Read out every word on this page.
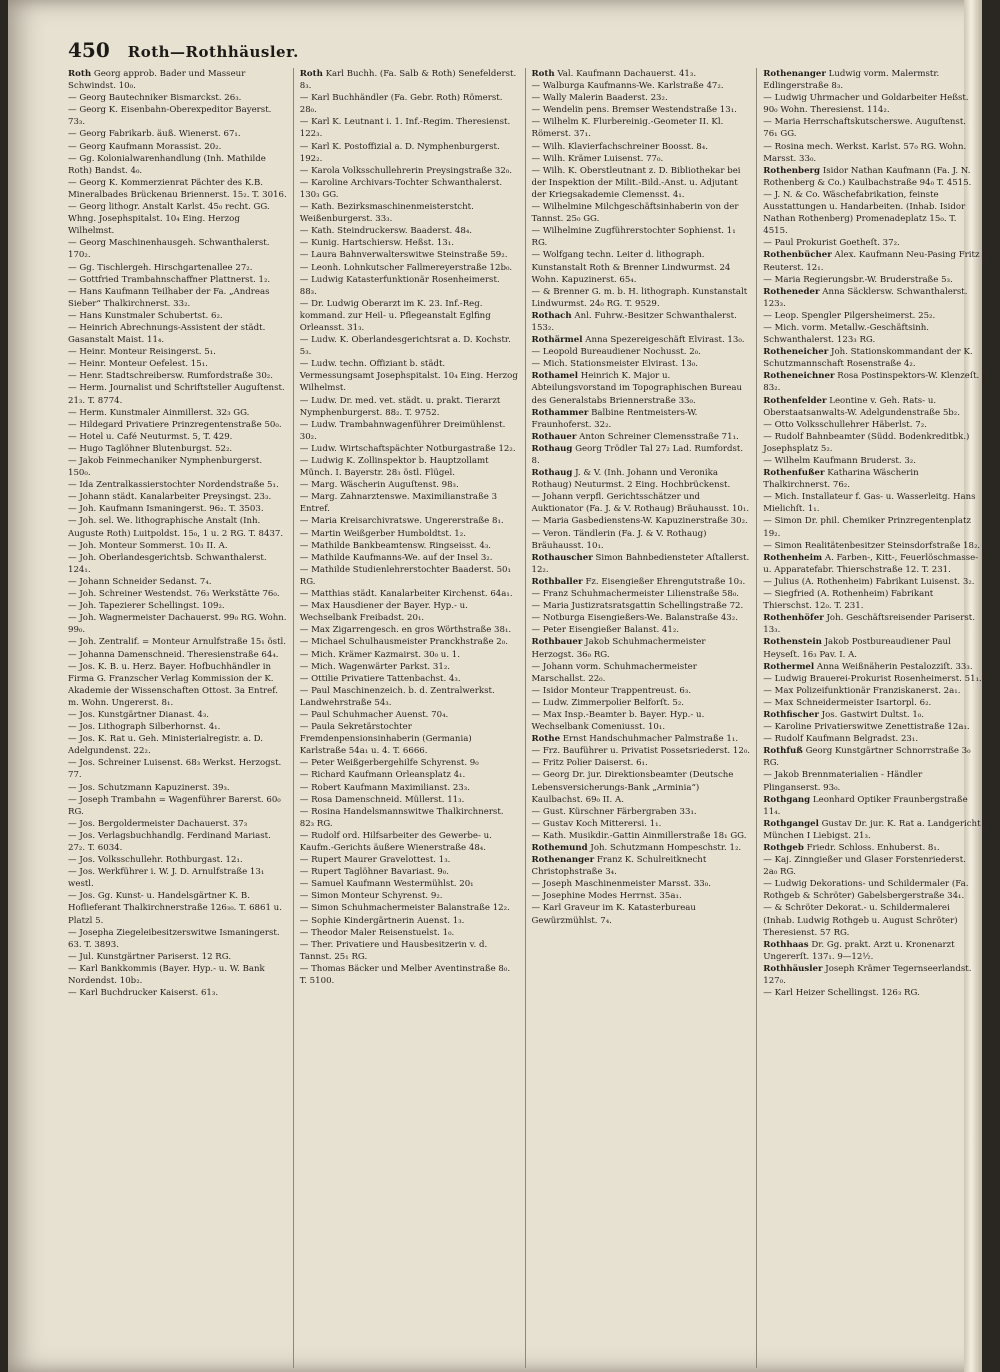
450 Roth—Rothhäusler.

Roth Georg approb. Bader und Masseur Schwindst. 10₀.

— Georg Bautechniker Bismarckst. 26₃.

— Georg K. Eisenbahn-Oberexpeditor Bayerst. 73₃.

— Georg Fabrikarb. äuß. Wienerst. 67₁.

— Georg Kaufmann Morassist. 20₂.

— Gg. Kolonialwarenhandlung (Inh. Mathilde Roth) Bandst. 4₀.

— Georg K. Kommerzienrat Pächter des K.B. Mineralbades Brückenau Briennerst. 15₂. T. 3016.

— Georg lithogr. Anstalt Karlst. 45₀ recht. GG. Whng. Josephspitalst. 10₄ Eing. Herzog Wilhelmst.

— Georg Maschinenhausgeh. Schwanthalerst. 170₂.

— Gg. Tischlergeh. Hirschgartenallee 27₂.

— Gottfried Trambahnschaffner Plattnerst. 1₂.

— Hans Kaufmann Teilhaber der Fa. „Andreas Sieber“ Thalkirchnerst. 33₂.

— Hans Kunstmaler Schubertst. 6₂.

— Heinrich Abrechnungs-Assistent der städt. Gasanstalt Maist. 11₄.

— Heinr. Monteur Reisingerst. 5₁.

— Heinr. Monteur Oefelest. 15₁.

— Henr. Stadtschreibersw. Rumfordstraße 30₂.

— Herm. Journalist und Schriftsteller Auguſtenst. 21₃. T. 8774.

— Herm. Kunstmaler Ainmillerst. 32₃ GG.

— Hildegard Privatiere Prinzregentenstraße 50₀.

— Hotel u. Café Neuturmst. 5, T. 429.

— Hugo Taglöhner Blutenburgst. 52₂.

— Jakob Feinmechaniker Nymphenburgerst. 150₀.

— Ida Zentralkassierstochter Nordendstraße 5₁.

— Johann städt. Kanalarbeiter Preysingst. 23₃.

— Joh. Kaufmann Ismaningerst. 96₂. T. 3503.

— Joh. sel. We. lithographische Anstalt (Inh. Auguste Roth) Luitpoldst. 15₀, 1 u. 2 RG. T. 8437.

— Joh. Monteur Sommerst. 10₃ II. A.

— Joh. Oberlandesgerichtsb. Schwanthalerst. 124₁.

— Johann Schneider Sedanst. 7₄.

— Joh. Schreiner Westendst. 76₃ Werkstätte 76₀.

— Joh. Tapezierer Schellingst. 109₂.

— Joh. Wagnermeister Dachauerst. 99₀ RG. Wohn. 99₀.

— Joh. Zentralif. = Monteur Arnulfstraße 15₁ östl.

— Johanna Damenschneid. Theresienstraße 64₄.

— Jos. K. B. u. Herz. Bayer. Hofbuchhändler in Firma G. Franzscher Verlag Kommission der K. Akademie der Wissenschaften Ottost. 3a Entref. m. Wohn. Ungererst. 8₁.

— Jos. Kunstgärtner Dianast. 4₃.

— Jos. Lithograph Silberhornst. 4₁.

— Jos. K. Rat u. Geh. Ministerialregistr. a. D. Adelgundenst. 22₂.

— Jos. Schreiner Luisenst. 68₃ Werkst. Herzogst. 77.

— Jos. Schutzmann Kapuzinerst. 39₃.

— Joseph Trambahn = Wagenführer Barerst. 60₀ RG.

— Jos. Bergoldermeister Dachauerst. 37₃

— Jos. Verlagsbuchhandlg. Ferdinand Mariast. 27₂. T. 6034.

— Jos. Volksschullehr. Rothburgast. 12₁.

— Jos. Werkführer i. W. J. D. Arnulfstraße 13₁ westl.

— Jos. Gg. Kunst- u. Handelsgärtner K. B. Hoflieferant Thalkirchnerstraße 126₃₀. T. 6861 u. Platzl 5.

— Josepha Ziegeleibesitzerswitwe Ismaningerst. 63. T. 3893.

— Jul. Kunstgärtner Pariserst. 12 RG.

— Karl Bankkommis (Bayer. Hyp.- u. W. Bank Nordendst. 10b₂.

— Karl Buchdrucker Kaiserst. 61₃.

Roth Karl Buchh. (Fa. Salb & Roth) Senefelderst. 8₃.

— Karl Buchhändler (Fa. Gebr. Roth) Römerst. 28₀.

— Karl K. Leutnant i. 1. Inf.-Regim. Theresienst. 122₃.

— Karl K. Postoffizial a. D. Nymphenburgerst. 192₂.

— Karola Volksschullehrerin Preysingstraße 32₀.

— Karoline Archivars-Tochter Schwanthalerst. 130₃ GG.

— Kath. Bezirksmaschinenmeisterstcht. Weißenburgerst. 33₃.

— Kath. Steindruckersw. Baaderst. 48₄.

— Kunig. Hartschiersw. Heßst. 13₁.

— Laura Bahnverwalterswitwe Steinstraße 59₂.

— Leonh. Lohnkutscher Fallmereyerstraße 12b₀.

— Ludwig Katasterfunktionär Rosenheimerst. 88₃.

— Dr. Ludwig Oberarzt im K. 23. Inf.-Reg. kommand. zur Heil- u. Pflegeanstalt Eglfing Orleansst. 31₃.

— Ludw. K. Oberlandesgerichtsrat a. D. Kochstr. 5₃.

— Ludw. techn. Offiziant b. städt. Vermessungsamt Josephspitalst. 10₄ Eing. Herzog Wilhelmst.

— Ludw. Dr. med. vet. städt. u. prakt. Tierarzt Nymphenburgerst. 88₂. T. 9752.

— Ludw. Trambahnwagenführer Dreimühlenst. 30₂.

— Ludw. Wirtschaftspächter Notburgastraße 12₂.

— Ludwig K. Zollinspektor b. Hauptzollamt Münch. I. Bayerstr. 28₃ östl. Flügel.

— Marg. Wäscherin Auguſtenst. 98₃.

— Marg. Zahnarztenswe. Maximilianstraße 3 Entref.

— Maria Kreisarchivratswe. Ungererstraße 8₁.

— Martin Weißgerber Humboldtst. 1₂.

— Mathilde Bankbeamtensw. Ringseisst. 4₃.

— Mathilde Kaufmanns-We. auf der Insel 3₂.

— Mathilde Studienlehrerstochter Baaderst. 50₁ RG.

— Matthias städt. Kanalarbeiter Kirchenst. 64a₁.

— Max Hausdiener der Bayer. Hyp.- u. Wechselbank Freibadst. 20₁.

— Max Zigarrengesch. en gros Wörthstraße 38₁.

— Michael Schulhausmeister Pranckhstraße 2₀.

— Mich. Krämer Kazmairst. 30₀ u. 1.

— Mich. Wagenwärter Parkst. 31₂.

— Ottilie Privatiere Tattenbachst. 4₃.

— Paul Maschinenzeich. b. d. Zentralwerkst. Landwehrstraße 54₃.

— Paul Schuhmacher Auenst. 70₄.

— Paula Sekretärstochter Fremdenpensionsinhaberin (Germania) Karlstraße 54a₁ u. 4. T. 6666.

— Peter Weißgerbergehilfe Schyrenst. 9₀

— Richard Kaufmann Orleansplatz 4₁.

— Robert Kaufmann Maximilianst. 23₃.

— Rosa Damenschneid. Müllerst. 11₃.

— Rosina Handelsmannswitwe Thalkirchnerst. 82₃ RG.

— Rudolf ord. Hilfsarbeiter des Gewerbe- u. Kaufm.-Gerichts äußere Wienerstraße 48₄.

— Rupert Maurer Gravelottest. 1₃.

— Rupert Taglöhner Bavariast. 9₀.

— Samuel Kaufmann Westermühlst. 20₁

— Simon Monteur Schyrenst. 9₂.

— Simon Schuhmachermeister Balanstraße 12₂.

— Sophie Kindergärtnerin Auenst. 1₃.

— Theodor Maler Reisenstuelst. 1₀.

— Ther. Privatiere und Hausbesitzerin v. d. Tannst. 25₁ RG.

— Thomas Bäcker und Melber Aventinstraße 8₀. T. 5100.

Roth Val. Kaufmann Dachauerst. 41₃.

— Walburga Kaufmanns-We. Karlstraße 47₂.

— Wally Malerin Baaderst. 23₂.

— Wendelin pens. Bremser Westendstraße 13₁.

— Wilhelm K. Flurbereinig.-Geometer II. Kl. Römerst. 37₁.

— Wilh. Klavierfachschreiner Boosst. 8₄.

— Wilh. Krämer Luisenst. 77₀.

— Wilh. K. Oberstleutnant z. D. Bibliothekar bei der Inspektion der Milit.-Bild.-Anst. u. Adjutant der Kriegsakademie Clemensst. 4₁.

— Wilhelmine Milchgeschäftsinhaberin von der Tannst. 25₀ GG.

— Wilhelmine Zugführerstochter Sophienst. 1₁ RG.

— Wolfgang techn. Leiter d. lithograph. Kunstanstalt Roth & Brenner Lindwurmst. 24 Wohn. Kapuzinerst. 65₄.

— & Brenner G. m. b. H. lithograph. Kunstanstalt Lindwurmst. 24₀ RG. T. 9529.

Rothach Anl. Fuhrw.-Besitzer Schwanthalerst. 153₂.

Rothärmel Anna Spezereigeschäft Elvirast. 13₀.

— Leopold Bureaudiener Nochusst. 2₀.

— Mich. Stationsmeister Elvirast. 13₀.

Rothamel Heinrich K. Major u. Abteilungsvorstand im Topographischen Bureau des Generalstabs Briennerstraße 33₀.

Rothammer Balbine Rentmeisters-W. Fraunhoferst. 32₂.

Rothauer Anton Schreiner Clemensstraße 71₁.

Rothaug Georg Trödler Tal 27₂ Lad. Rumfordst. 8.

Rothaug J. & V. (Inh. Johann und Veronika Rothaug) Neuturmst. 2 Eing. Hochbrückenst.

— Johann verpfl. Gerichtsschätzer und Auktionator (Fa. J. & V. Rothaug) Bräuhausst. 10₁.

— Maria Gasbedienstens-W. Kapuzinerstraße 30₂.

— Veron. Tändlerin (Fa. J. & V. Rothaug) Bräuhausst. 10₁.

Rothauscher Simon Bahnbediensteter Aſtallerst. 12₂.

Rothballer Fz. Eisengießer Ehrengutstraße 10₃.

— Franz Schuhmachermeister Lilienstraße 58₀.

— Maria Justizratsratsgattin Schellingstraße 72.

— Notburga Eisengießers-We. Balanstraße 43₂.

— Peter Eisengießer Balanst. 41₂.

Rothbauer Jakob Schuhmachermeister Herzogst. 36₀ RG.

— Johann vorm. Schuhmachermeister Marschallst. 22₀.

— Isidor Monteur Trappentreust. 6₃.

— Ludw. Zimmerpolier Belforſt. 5₂.

— Max Insp.-Beamter b. Bayer. Hyp.- u. Wechselbank Comeniusst. 10₁.

Rothe Ernst Handschuhmacher Palmstraße 1₁.

— Frz. Bauführer u. Privatist Possetsriederst. 12₀.

— Fritz Polier Daiserst. 6₁.

— Georg Dr. jur. Direktionsbeamter (Deutsche Lebensversicherungs-Bank „Arminia“) Kaulbachst. 69₀ II. A.

— Gust. Kürschner Färbergraben 33₁.

— Gustav Koch Mitterersi. 1₁.

— Kath. Musikdir.-Gattin Ainmillerstraße 18₁ GG.

Rothemund Joh. Schutzmann Hompeschstr. 1₂.

Rothenanger Franz K. Schulreitknecht Christophstraße 3₄.

— Joseph Maschinenmeister Marsst. 33₀.

— Josephine Modes Herrnst. 35a₁.

— Karl Graveur im K. Katasterbureau Gewürzmühlst. 7₄.

Rothenanger Ludwig vorm. Malermstr. Edlingerstraße 8₃.

— Ludwig Uhrmacher und Goldarbeiter Heßst. 90₀ Wohn. Theresienst. 114₂.

— Maria Herrschaftskutscherswe. Auguſtenst. 76₁ GG.

— Rosina mech. Werkst. Karlst. 57₀ RG. Wohn. Marsst. 33₀.

Rothenberg Isidor Nathan Kaufmann (Fa. J. N. Rothenberg & Co.) Kaulbachstraße 94₀ T. 4515.

— J. N. & Co. Wäschefabrikation, feinste Ausstattungen u. Handarbeiten. (Inhab. Isidor Nathan Rothenberg) Promenadeplatz 15₀. T. 4515.

— Paul Prokurist Goetheſt. 37₂.

Rothenbücher Alex. Kaufmann Neu-Pasing Fritz Reuterst. 12₁.

— Maria Regierungsbr.-W. Bruderstraße 5₃.

Rotheneder Anna Säcklersw. Schwanthalerst. 123₃.

— Leop. Spengler Pilgersheimerst. 25₂.

— Mich. vorm. Metallw.-Geschäftsinh. Schwanthalerst. 123₃ RG.

Rotheneicher Joh. Stationskommandant der K. Schutzmannschaft Rosenstraße 4₂.

Rotheneichner Rosa Postinspektors-W. Klenzeſt. 83₂.

Rothenfelder Leontine v. Geh. Rats- u. Oberstaatsanwalts-W. Adelgundenstraße 5b₂.

— Otto Volksschullehrer Häberlst. 7₂.

— Rudolf Bahnbeamter (Südd. Bodenkreditbk.) Josephsplatz 5₂.

— Wilhelm Kaufmann Bruderst. 3₂.

Rothenfußer Katharina Wäscherin Thalkirchnerst. 76₂.

— Mich. Installateur f. Gas- u. Wasserleitg. Hans Mielichſt. 1₁.

— Simon Dr. phil. Chemiker Prinzregentenplatz 19₂.

— Simon Realitätenbesitzer Steinsdorfstraße 18₂.

Rothenheim A. Farben-, Kitt-, Feuerlöschmasse- u. Apparatefabr. Thierschstraße 12. T. 231.

— Julius (A. Rothenheim) Fabrikant Luisenst. 3₂.

— Siegfried (A. Rothenheim) Fabrikant Thierschst. 12₀. T. 231.

Rothenhöfer Joh. Geschäftsreisender Pariserst. 13₃.

Rothenstein Jakob Postbureaudiener Paul Heyseſt. 16₃ Pav. I. A.

Rothermel Anna Weißnäherin Pestalozziſt. 33₃.

— Ludwig Brauerei-Prokurist Rosenheimerst. 51₁.

— Max Polizeifunktionär Franziskanerst. 2a₁.

— Max Schneidermeister Isartorpl. 6₂.

Rothfischer Jos. Gastwirt Dultst. 1₀.

— Karoline Privatierswitwe Zenettistraße 12a₁.

— Rudolf Kaufmann Belgradst. 23₁.

Rothfuß Georg Kunstgärtner Schnorrstraße 3₀ RG.

— Jakob Brennmaterialien - Händler Plinganserst. 93₀.

Rothgang Leonhard Optiker Fraunbergstraße 11₄.

Rothgangel Gustav Dr. jur. K. Rat a. Landgericht München I Liebigst. 21₃.

Rothgeb Friedr. Schloss. Enhuberst. 8₁.

— Kaj. Zinngießer und Glaser Forstenriederst. 2a₀ RG.

— Ludwig Dekorations- und Schildermaler (Fa. Rothgeb & Schröter) Gabelsbergerstraße 34₁.

— & Schröter Dekorat.- u. Schildermalerei (Inhab. Ludwig Rothgeb u. August Schröter) Theresienst. 57 RG.

Rothhaas Dr. Gg. prakt. Arzt u. Kronenarzt Ungererſt. 137₁. 9—12½.

Rothhäusler Joseph Krämer Tegernseerlandst. 127₀.

— Karl Heizer Schellingst. 126₃ RG.
